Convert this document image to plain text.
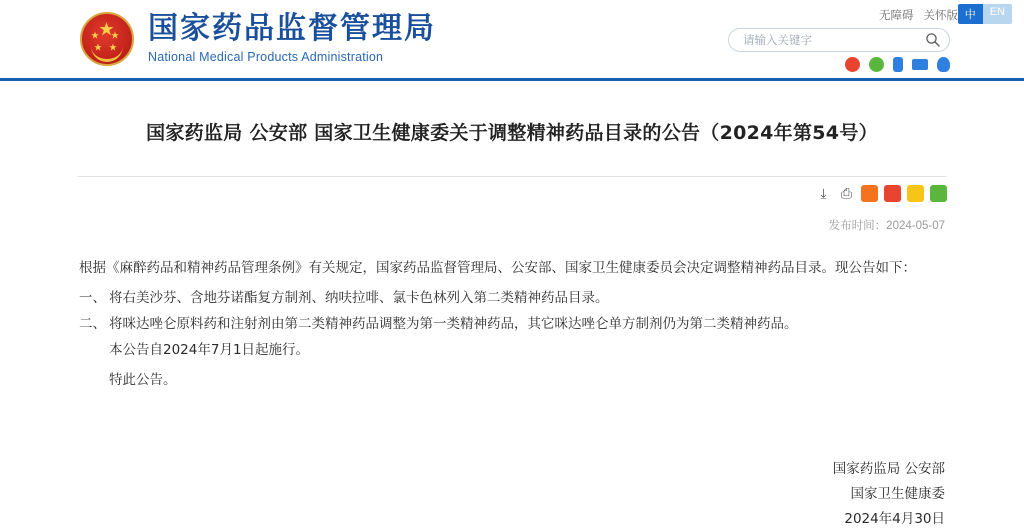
★
★ ★
★ ★
国家药品监督管理局
National Medical Products Administration
无障碍 关怀版 中	EN
请输入关键字
国家药监局 公安部 国家卫生健康委关于调整精神药品目录的公告（2024年第54号）
⤓	⎙
发布时间：2024-05-07

根据《麻醉药品和精神药品管理条例》有关规定，国家药品监督管理局、公安部、国家卫生健康委员会决定调整精神药品目录。现公告如下：

一、 将右美沙芬、含地芬诺酯复方制剂、纳呋拉啡、氯卡色林列入第二类精神药品目录。
二、 将咪达唑仑原料药和注射剂由第二类精神药品调整为第一类精神药品，其它咪达唑仑单方制剂仍为第二类精神药品。

本公告自2024年7月1日起施行。

特此公告。

国家药监局 公安部
国家卫生健康委
2024年4月30日
